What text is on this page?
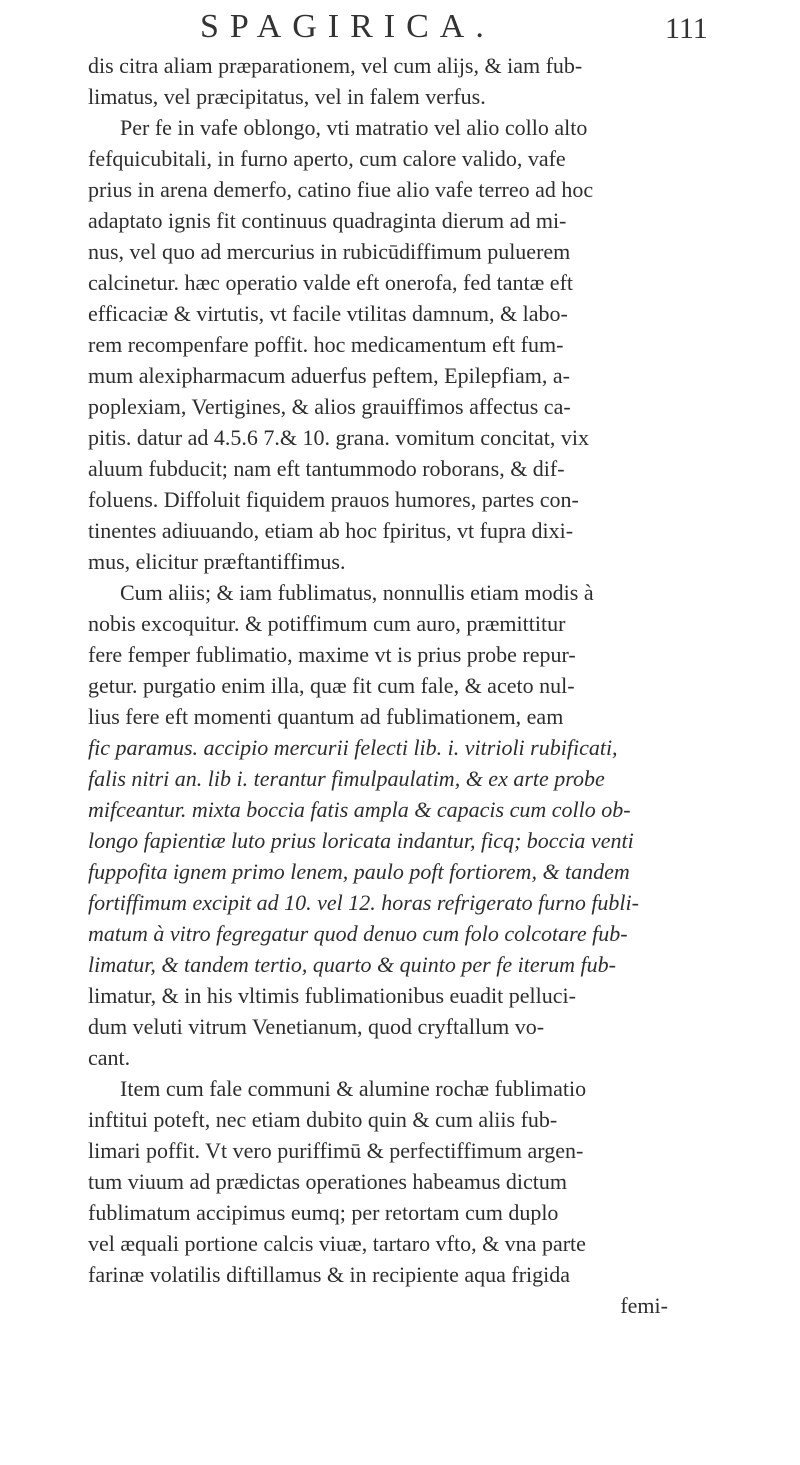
SPAGIRICA.	111
dis citra aliam præparationem, vel cum alijs, & iam fub-
limatus, vel præcipitatus, vel in falem verfus.
Per fe in vafe oblongo, vti matratio vel alio collo alto
fefquicubitali, in furno aperto, cum calore valido, vafe
prius in arena demerfo, catino fiue alio vafe terreo ad hoc
adaptato ignis fit continuus quadraginta dierum ad mi-
nus, vel quo ad mercurius in rubicūdiffimum puluerem
calcinetur. hæc operatio valde eft onerofa, fed tantæ eft
efficaciæ & virtutis, vt facile vtilitas damnum, & labo-
rem recompenfare poffit. hoc medicamentum eft fum-
mum alexipharmacum aduerfus peftem, Epilepfiam, a-
poplexiam, Vertigines, & alios grauiffimos affectus ca-
pitis. datur ad 4.5.6 7.& 10. grana. vomitum concitat, vix
aluum fubducit; nam eft tantummodo roborans, & dif-
foluens. Diffoluit fiquidem prauos humores, partes con-
tinentes adiuuando, etiam ab hoc fpiritus, vt fupra dixi-
mus, elicitur præftantiffimus.
Cum aliis; & iam fublimatus, nonnullis etiam modis à
nobis excoquitur. & potiffimum cum auro, præmittitur
fere femper fublimatio, maxime vt is prius probe repur-
getur. purgatio enim illa, quæ fit cum fale, & aceto nul-
lius fere eft momenti quantum ad fublimationem, eam
fic paramus. accipio mercurii felecti lib. i. vitrioli rubificati,
falis nitri an. lib i. terantur fimulpaulatim, & ex arte probe
mifceantur. mixta boccia fatis ampla & capacis cum collo ob-
longo fapientiæ luto prius loricata indantur, ficq; boccia venti
fuppofita ignem primo lenem, paulo poft fortiorem, & tandem
fortiffimum excipit ad 10. vel 12. horas refrigerato furno fubli-
matum à vitro fegregatur quod denuo cum folo colcotare fub-
limatur, & tandem tertio, quarto & quinto per fe iterum fub-
limatur, & in his vltimis fublimationibus euadit pelluci-
dum veluti vitrum Venetianum, quod cryftallum vo-
cant.
Item cum fale communi & alumine rochæ fublimatio
inftitui poteft, nec etiam dubito quin & cum aliis fub-
limari poffit. Vt vero puriffimū & perfectiffimum argen-
tum viuum ad prædictas operationes habeamus dictum
fublimatum accipimus eumq; per retortam cum duplo
vel æquali portione calcis viuæ, tartaro vfto, & vna parte
farinæ volatilis diftillamus & in recipiente aqua frigida
femi-
